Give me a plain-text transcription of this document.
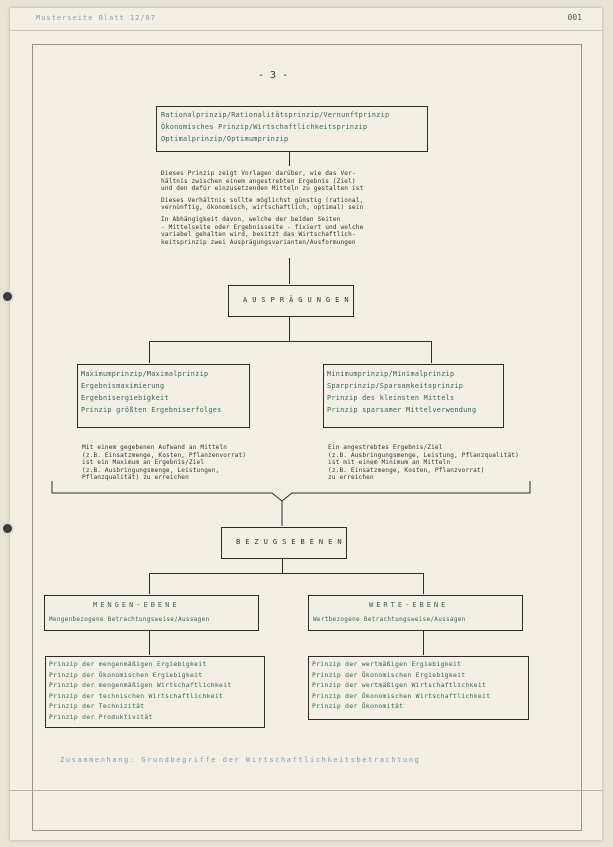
Musterseite Blatt 12/87	001
- 3 -
Rationalprinzip/Rationalitätsprinzip/Vernunftprinzip
Ökonomisches Prinzip/Wirtschaftlichkeitsprinzip
Optimalprinzip/Optimumprinzip
Dieses Prinzip zeigt Vorlagen darüber, wie das Ver-
hältnis zwischen einem angestrebten Ergebnis (Ziel)
und den dafür einzusetzenden Mitteln zu gestalten ist
Dieses Verhältnis sollte möglichst günstig (rational,
vernünftig, ökonomisch, wirtschaftlich, optimal) sein
In Abhängigkeit davon, welche der beiden Seiten
- Mittelseite oder Ergebnisseite - fixiert und welche
variabel gehalten wird, besitzt das Wirtschaftlich-
keitsprinzip zwei Ausprägungsvarianten/Ausformungen
AUSPRÄGUNGEN
Maximumprinzip/Maximalprinzip
Ergebnismaximierung
Ergebnisergiebigkeit
Prinzip größten Ergebniserfolges
Minimumprinzip/Minimalprinzip
Sparprinzip/Sparsamkeitsprinzip
Prinzip des kleinsten Mittels
Prinzip sparsamer Mittelverwendung
Mit einem gegebenen Aufwand an Mitteln
(z.B. Einsatzmenge, Kosten, Pflanzenvorrat)
ist ein Maximum an Ergebnis/Ziel
(z.B. Ausbringungsmenge, Leistungen,
Pflanzqualität) zu erreichen
Ein angestrebtes Ergebnis/Ziel
(z.B. Ausbringungsmenge, Leistung, Pflanzqualität)
ist mit einem Minimum an Mitteln
(z.B. Einsatzmenge, Kosten, Pflanzvorrat)
zu erreichen
BEZUGSEBENEN
MENGEN-EBENE
Mengenbezogene Betrachtungsweise/Aussagen
WERTE-EBENE
Wertbezogene Betrachtungsweise/Aussagen
Prinzip der mengenmäßigen Ergiebigkeit
Prinzip der Ökonomischen Ergiebigkeit
Prinzip der mengenmäßigen Wirtschaftlichkeit
Prinzip der technischen Wirtschaftlichkeit
Prinzip der Technizität
Prinzip der Produktivität
Prinzip der wertmäßigen Ergiebigkeit
Prinzip der Ökonomischen Ergiebigkeit
Prinzip der wertmäßigen Wirtschaftlichkeit
Prinzip der Ökonomischen Wirtschaftlichkeit
Prinzip der Ökonomität
Zusammenhang: Grundbegriffe der Wirtschaftlichkeitsbetrachtung
